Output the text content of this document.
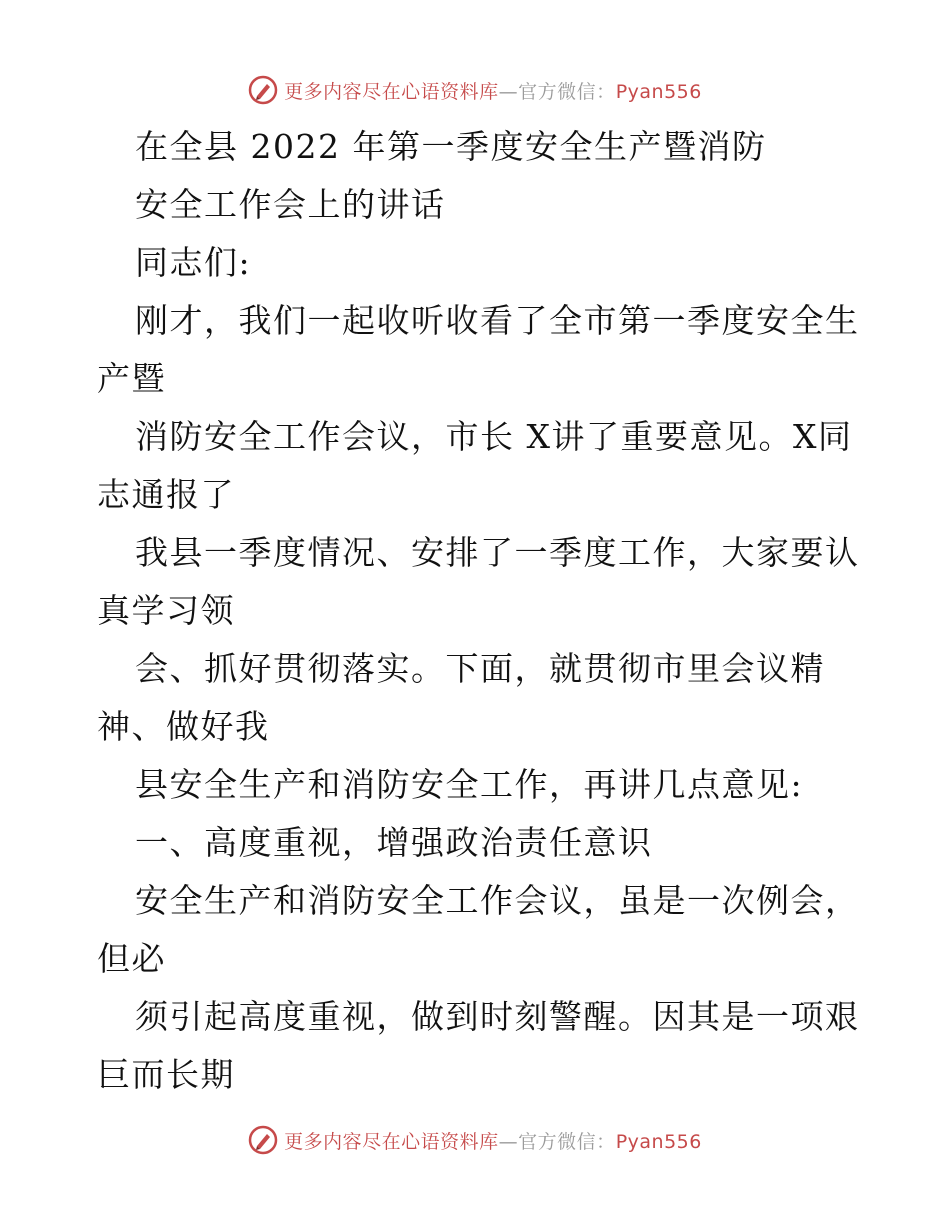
更多内容尽在心语资料库—官方微信：Pyan556
在全县 2022 年第一季度安全生产暨消防
安全工作会上的讲话
同志们:
刚才，我们一起收听收看了全市第一季度安全生
产暨
消防安全工作会议，市长 X讲了重要意见。X同
志通报了
我县一季度情况、安排了一季度工作，大家要认
真学习领
会、抓好贯彻落实。下面，就贯彻市里会议精
神、做好我
县安全生产和消防安全工作，再讲几点意见:
一、高度重视，增强政治责任意识
安全生产和消防安全工作会议，虽是一次例会，
但必
须引起高度重视，做到时刻警醒。因其是一项艰
巨而长期
更多内容尽在心语资料库—官方微信：Pyan556
